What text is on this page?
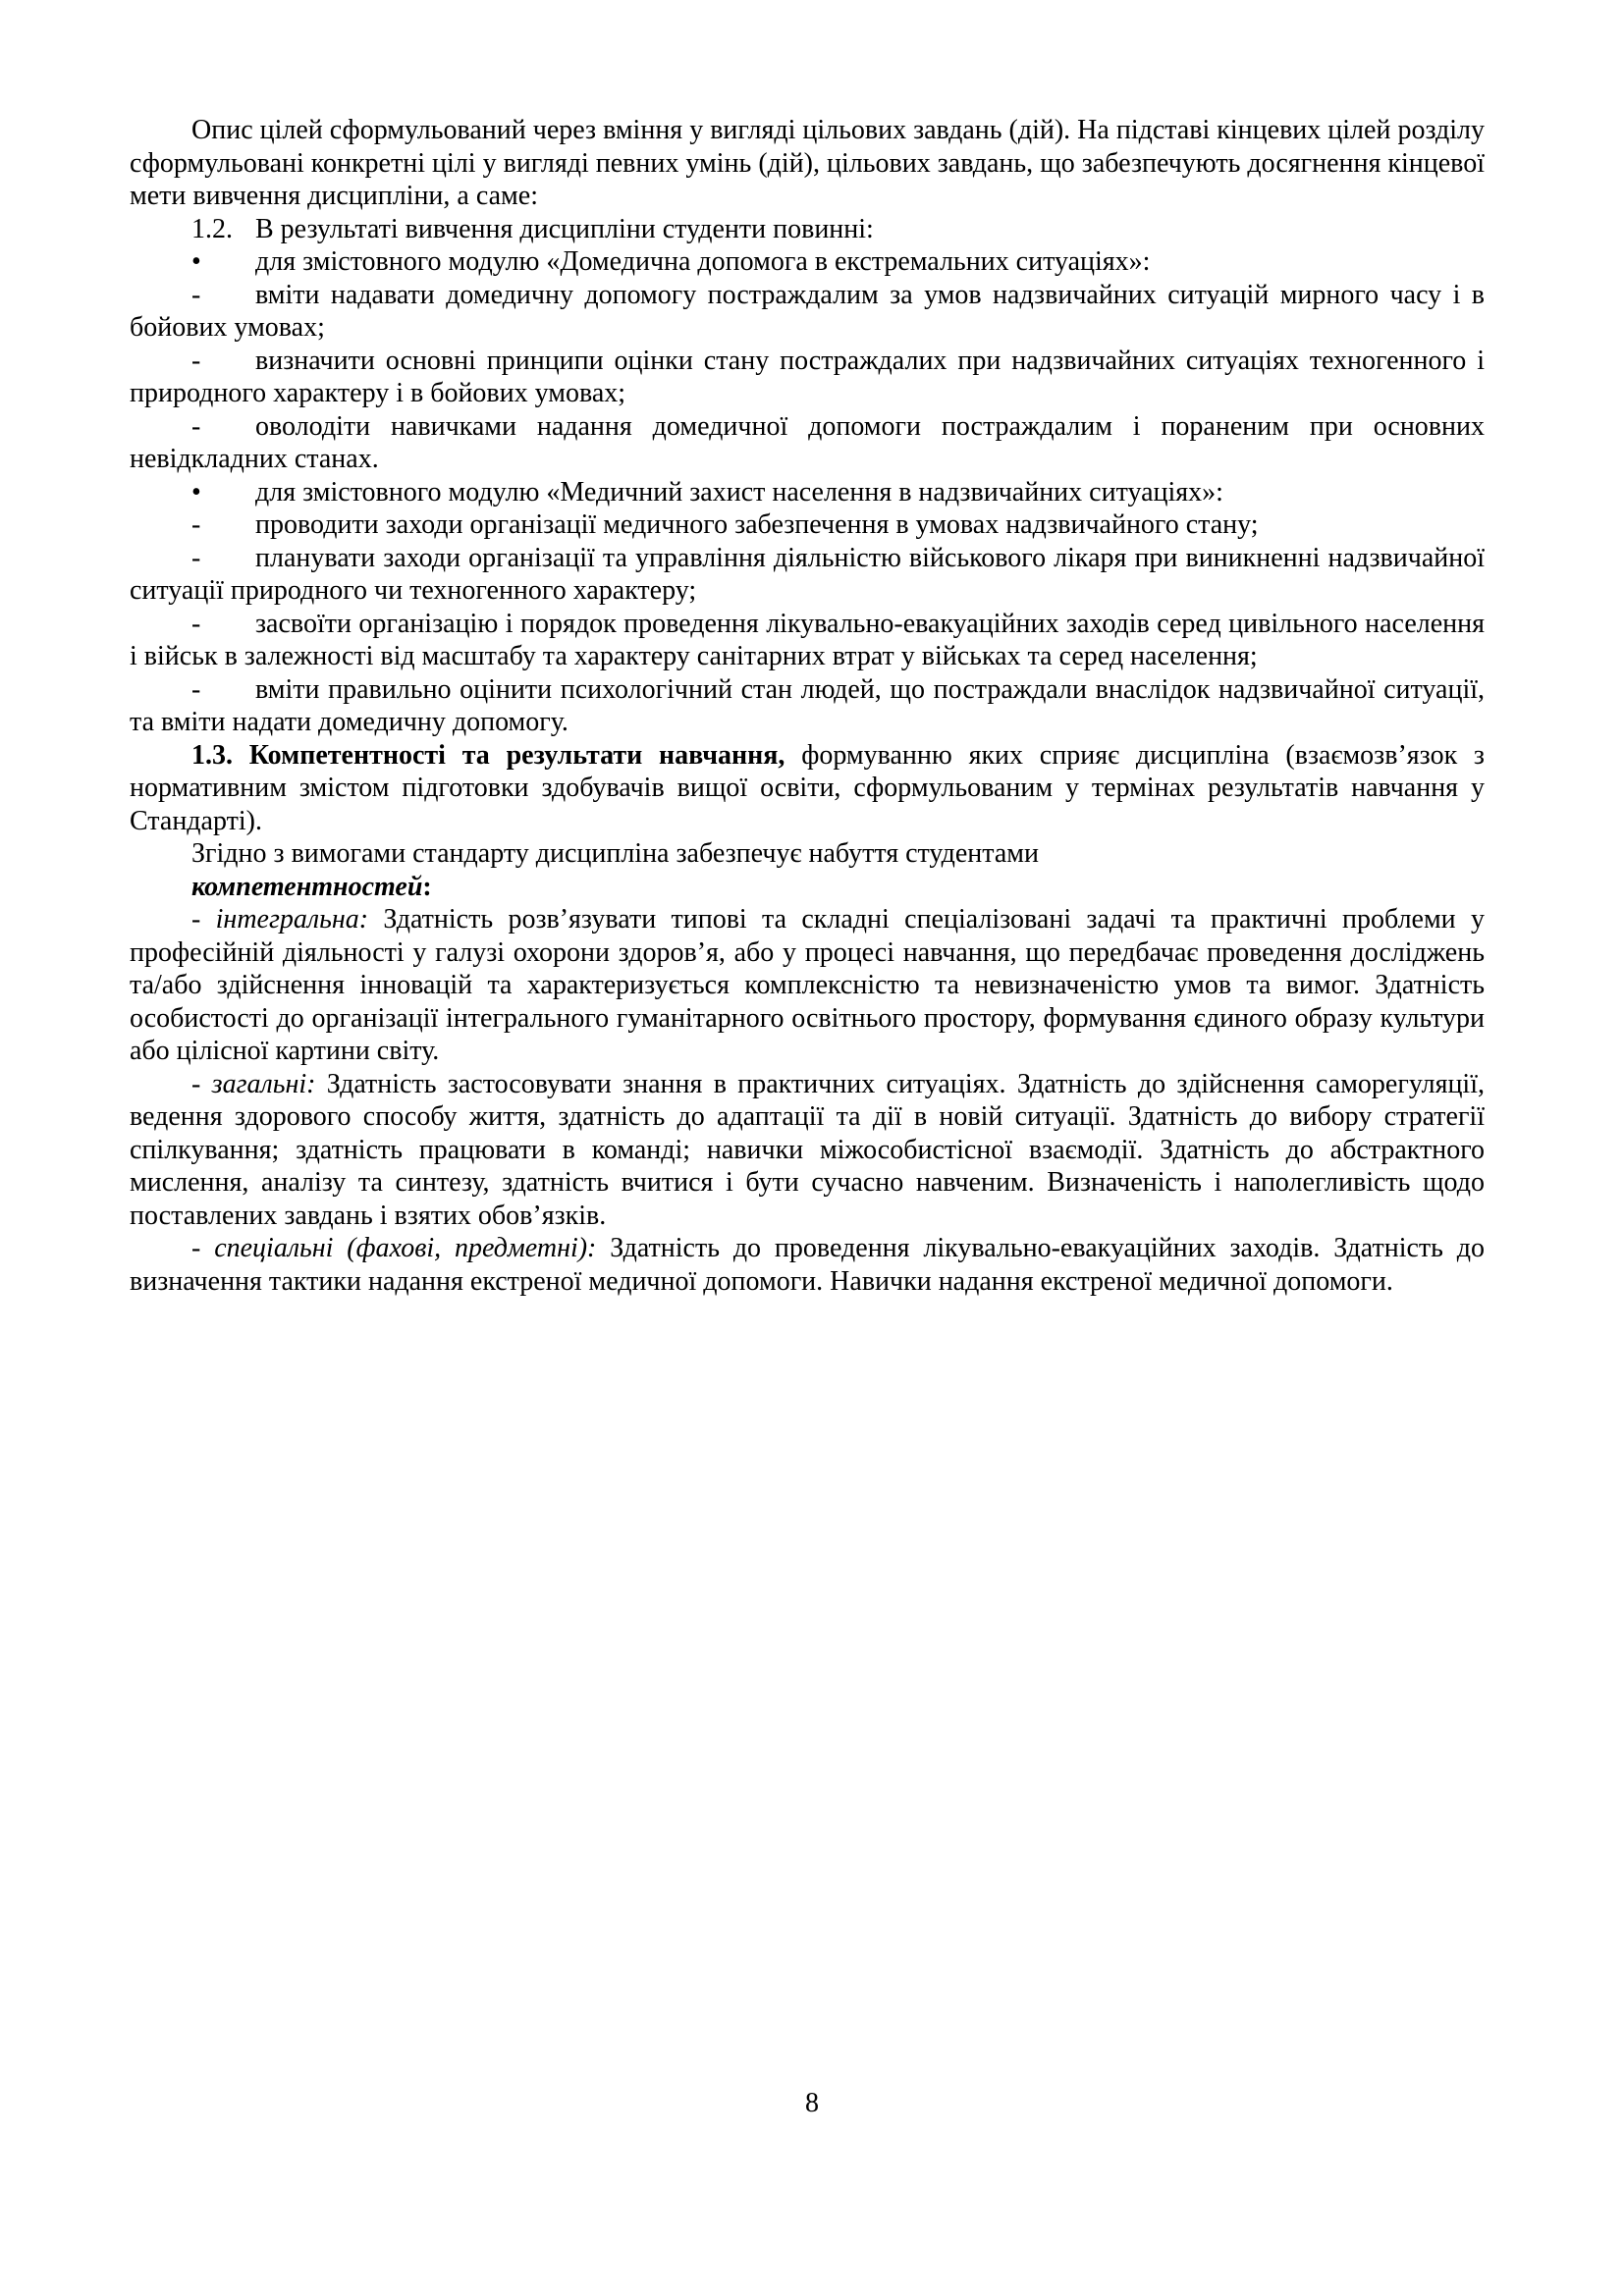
Опис цілей сформульований через вміння у вигляді цільових завдань (дій). На підставі кінцевих цілей розділу сформульовані конкретні цілі у вигляді певних умінь (дій), цільових завдань, що забезпечують досягнення кінцевої мети вивчення дисципліни, а саме:

1.2. В результаті вивчення дисципліни студенти повинні:

• для змістовного модулю «Домедична допомога в екстремальних ситуаціях»:

- вміти надавати домедичну допомогу постраждалим за умов надзвичайних ситуацій мирного часу і в бойових умовах;

- визначити основні принципи оцінки стану постраждалих при надзвичайних ситуаціях техногенного і природного характеру і в бойових умовах;

- оволодіти навичками надання домедичної допомоги постраждалим і пораненим при основних невідкладних станах.

• для змістовного модулю «Медичний захист населення в надзвичайних ситуаціях»:

- проводити заходи організації медичного забезпечення в умовах надзвичайного стану;

- планувати заходи організації та управління діяльністю військового лікаря при виникненні надзвичайної ситуації природного чи техногенного характеру;

- засвоїти організацію і порядок проведення лікувально-евакуаційних заходів серед цивільного населення і військ в залежності від масштабу та характеру санітарних втрат у військах та серед населення;

- вміти правильно оцінити психологічний стан людей, що постраждали внаслідок надзвичайної ситуації, та вміти надати домедичну допомогу.

1.3. Компетентності та результати навчання, формуванню яких сприяє дисципліна (взаємозв’язок з нормативним змістом підготовки здобувачів вищої освіти, сформульованим у термінах результатів навчання у Стандарті).

Згідно з вимогами стандарту дисципліна забезпечує набуття студентами

компетентностей:

- інтегральна: Здатність розв’язувати типові та складні спеціалізовані задачі та практичні проблеми у професійній діяльності у галузі охорони здоров’я, або у процесі навчання, що передбачає проведення досліджень та/або здійснення інновацій та характеризується комплексністю та невизначеністю умов та вимог. Здатність особистості до організації інтегрального гуманітарного освітнього простору, формування єдиного образу культури або цілісної картини світу.

- загальні: Здатність застосовувати знання в практичних ситуаціях. Здатність до здійснення саморегуляції, ведення здорового способу життя, здатність до адаптації та дії в новій ситуації. Здатність до вибору стратегії спілкування; здатність працювати в команді; навички міжособистісної взаємодії. Здатність до абстрактного мислення, аналізу та синтезу, здатність вчитися і бути сучасно навченим. Визначеність і наполегливість щодо поставлених завдань і взятих обов’язків.

- спеціальні (фахові, предметні): Здатність до проведення лікувально-евакуаційних заходів. Здатність до визначення тактики надання екстреної медичної допомоги. Навички надання екстреної медичної допомоги.

8
